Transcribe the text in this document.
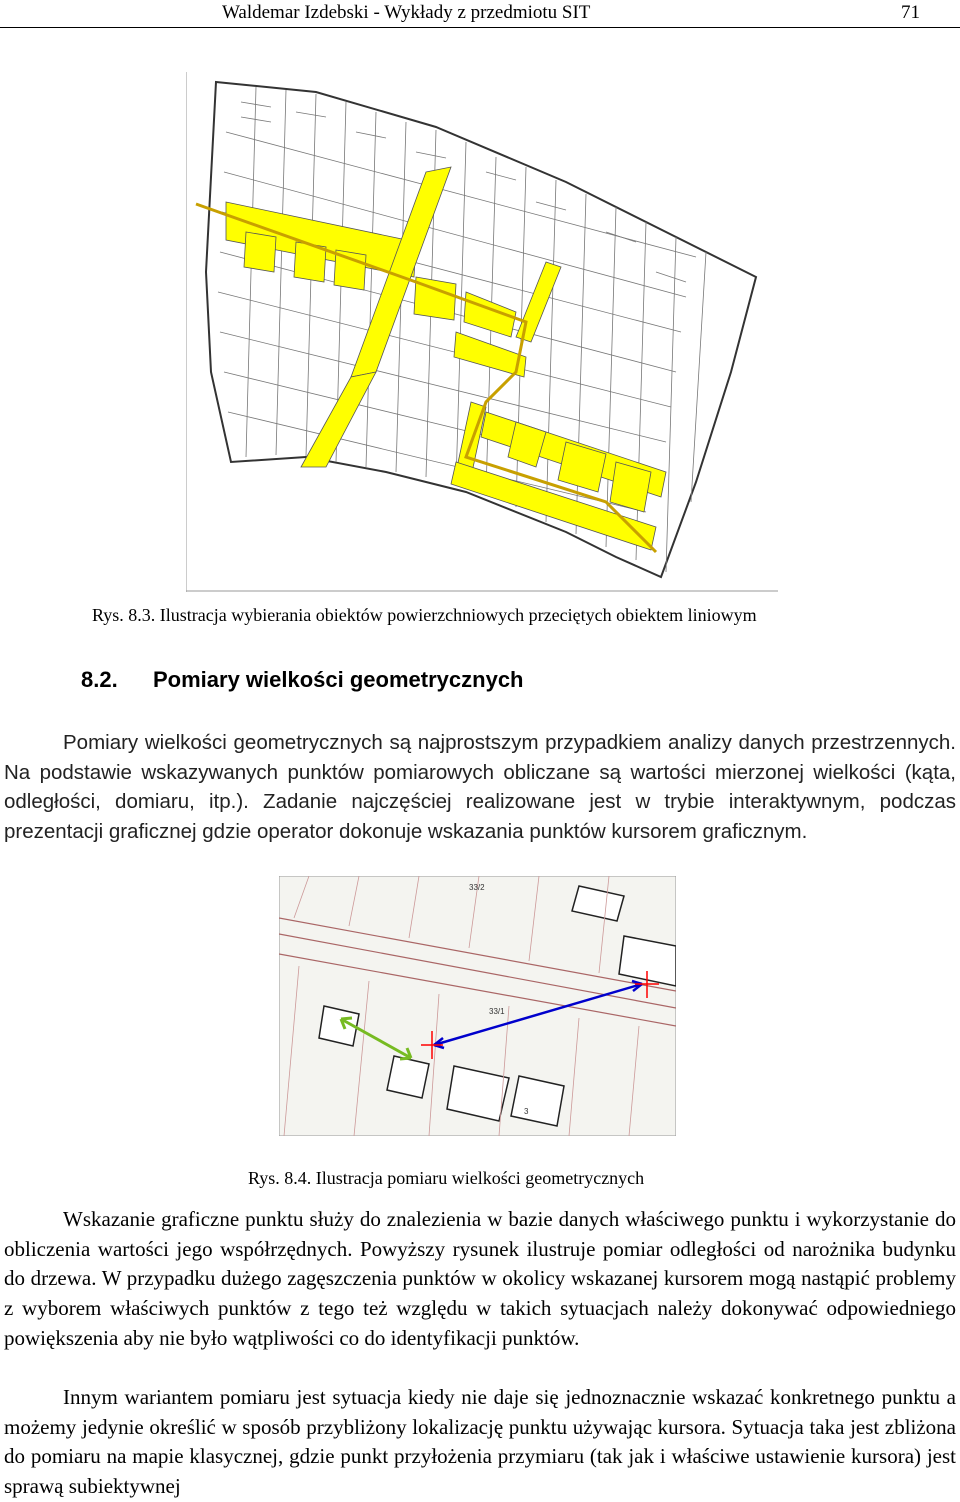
Waldemar Izdebski - Wykłady z przedmiotu SIT	71
Rys. 8.3. Ilustracja wybierania obiektów powierzchniowych przeciętych obiektem liniowym
8.2. Pomiary wielkości geometrycznych
Pomiary wielkości geometrycznych są najprostszym przypadkiem analizy danych przestrzennych. Na podstawie wskazywanych punktów pomiarowych obliczane są wartości mierzonej wielkości (kąta, odległości, domiaru, itp.). Zadanie najczęściej realizowane jest w trybie interaktywnym, podczas prezentacji graficznej gdzie operator dokonuje wskazania punktów kursorem graficznym.
33/2
33/1
3
Rys. 8.4. Ilustracja pomiaru wielkości geometrycznych
Wskazanie graficzne punktu służy do znalezienia w bazie danych właściwego punktu i wykorzystanie do obliczenia wartości jego współrzędnych. Powyższy rysunek ilustruje pomiar odległości od narożnika budynku do drzewa. W przypadku dużego zagęszczenia punktów w okolicy wskazanej kursorem mogą nastąpić problemy z wyborem właściwych punktów z tego też względu w takich sytuacjach należy dokonywać odpowiedniego powiększenia aby nie było wątpliwości co do identyfikacji punktów.
Innym wariantem pomiaru jest sytuacja kiedy nie daje się jednoznacznie wskazać konkretnego punktu a możemy jedynie określić w sposób przybliżony lokalizację punktu używając kursora. Sytuacja taka jest zbliżona do pomiaru na mapie klasycznej, gdzie punkt przyłożenia przymiaru (tak jak i właściwe ustawienie kursora) jest sprawą subiektywnej
